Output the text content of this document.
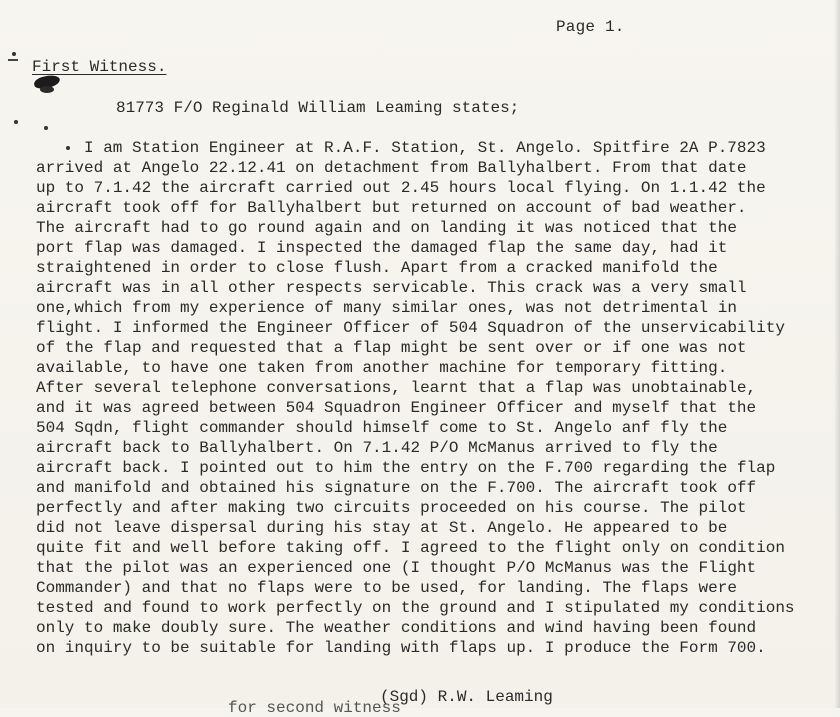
Page 1.
First Witness.
81773 F/O Reginald William Leaming states;
I am Station Engineer at R.A.F. Station, St. Angelo. Spitfire 2A P.7823
arrived at Angelo 22.12.41 on detachment from Ballyhalbert. From that date
up to 7.1.42 the aircraft carried out 2.45 hours local flying. On 1.1.42 the
aircraft took off for Ballyhalbert but returned on account of bad weather.
The aircraft had to go round again and on landing it was noticed that the
port flap was damaged. I inspected the damaged flap the same day, had it
straightened in order to close flush. Apart from a cracked manifold the
aircraft was in all other respects servicable. This crack was a very small
one,which from my experience of many similar ones, was not detrimental in
flight. I informed the Engineer Officer of 504 Squadron of the unservicability
of the flap and requested that a flap might be sent over or if one was not
available, to have one taken from another machine for temporary fitting.
After several telephone conversations, learnt that a flap was unobtainable,
and it was agreed between 504 Squadron Engineer Officer and myself that the
504 Sqdn, flight commander should himself come to St. Angelo anf fly the
aircraft back to Ballyhalbert. On 7.1.42 P/O McManus arrived to fly the
aircraft back. I pointed out to him the entry on the F.700 regarding the flap
and manifold and obtained his signature on the F.700. The aircraft took off
perfectly and after making two circuits proceeded on his course. The pilot
did not leave dispersal during his stay at St. Angelo. He appeared to be
quite fit and well before taking off. I agreed to the flight only on condition
that the pilot was an experienced one (I thought P/O McManus was the Flight
Commander) and that no flaps were to be used, for landing. The flaps were
tested and found to work perfectly on the ground and I stipulated my conditions
only to make doubly sure. The weather conditions and wind having been found
on inquiry to be suitable for landing with flaps up. I produce the Form 700.
for second witness
(Sgd) R.W. Leaming
